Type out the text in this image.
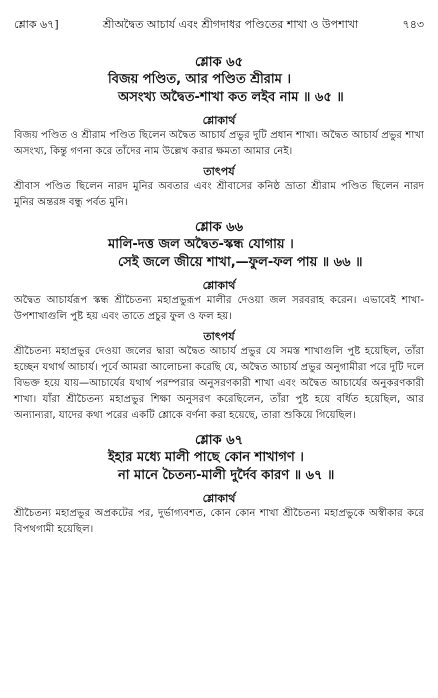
শ্লোক ৬৭]	শ্রীঅদ্বৈত আচার্য এবং শ্রীগদাধর পণ্ডিতের শাখা ও উপশাখা	৭৪৩
শ্লোক ৬৫
বিজয় পণ্ডিত, আর পণ্ডিত শ্রীরাম ।
অসংখ্য অদ্বৈত-শাখা কত লইব নাম ॥ ৬৫ ॥
শ্লোকার্থ

বিজয় পণ্ডিত ও শ্রীরাম পণ্ডিত ছিলেন অদ্বৈত আচার্য প্রভুর দুটি প্রধান শাখা। অদ্বৈত আচার্য প্রভুর শাখা অসংখ্য, কিন্তু গণনা করে তাঁদের নাম উল্লেখ করার ক্ষমতা আমার নেই।

তাৎপর্য

শ্রীবাস পণ্ডিত ছিলেন নারদ মুনির অবতার এবং শ্রীবাসের কনিষ্ঠ ভ্রাতা শ্রীরাম পণ্ডিত ছিলেন নারদ মুনির অন্তরঙ্গ বন্ধু পর্বত মুনি।

শ্লোক ৬৬
মালি-দত্ত জল অদ্বৈত-স্কন্ধ যোগায় ।
সেই জলে জীয়ে শাখা,—ফুল-ফল পায় ॥ ৬৬ ॥
শ্লোকার্থ

অদ্বৈত আচার্যরূপ স্কন্ধ শ্রীচৈতন্য মহাপ্রভুরূপ মালীর দেওয়া জল সরবরাহ করেন। এভাবেই শাখা-উপশাখাগুলি পুষ্ট হয় এবং তাতে প্রচুর ফুল ও ফল হয়।

তাৎপর্য

শ্রীচৈতন্য মহাপ্রভুর দেওয়া জলের দ্বারা অদ্বৈত আচার্য প্রভুর যে সমস্ত শাখাগুলি পুষ্ট হয়েছিল, তাঁরা হচ্ছেন যথার্থ আচার্য। পূর্বে আমরা আলোচনা করেছি যে, অদ্বৈত আচার্য প্রভুর অনুগামীরা পরে দুটি দলে বিভক্ত হয়ে যায়—আচার্যের যথার্থ পরম্পরার অনুসরণকারী শাখা এবং অদ্বৈত আচার্যের অনুকরণকারী শাখা। যাঁরা শ্রীচৈতন্য মহাপ্রভুর শিক্ষা অনুসরণ করেছিলেন, তাঁরা পুষ্ট হয়ে বর্ধিত হয়েছিল, আর অন্যান্যরা, যাদের কথা পরের একটি শ্লোকে বর্ণনা করা হয়েছে, তারা শুকিয়ে গিয়েছিল।

শ্লোক ৬৭
ইহার মধ্যে মালী পাছে কোন শাখাগণ ।
না মানে চৈতন্য-মালী দুর্দৈব কারণ ॥ ৬৭ ॥
শ্লোকার্থ

শ্রীচৈতন্য মহাপ্রভুর অপ্রকটের পর, দুর্ভাগ্যবশত, কোন কোন শাখা শ্রীচৈতন্য মহাপ্রভুকে অস্বীকার করে বিপথগামী হয়েছিল।
